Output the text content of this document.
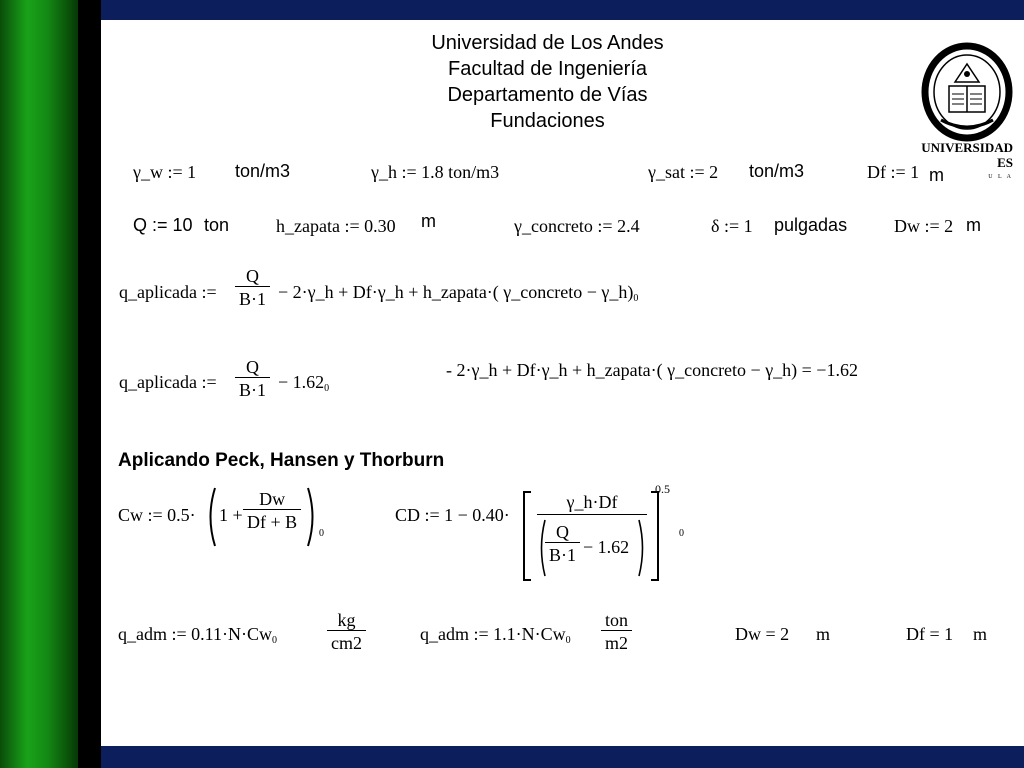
Universidad de Los Andes
Facultad de Ingeniería
Departamento de Vías
Fundaciones
UNIVERSIDAD
ES
U L A
γ_w := 1 ton/m3	γ_h := 1.8 ton/m3	γ_sat := 2 ton/m3	Df := 1 m
Q := 10 ton	h_zapata := 0.30 m	γ_concreto := 2.4	δ := 1 pulgadas	Dw := 2 m
q_aplicada := $\frac{Q}{B\cdot 1}$ − 2·γ_h + Df·γ_h + h_zapata·( γ_concreto − $\gamma\_h)_0$
q_aplicada := $\frac{Q}{B\cdot 1} - 1.62_0$
- 2·γ_h + Df·γ_h + h_zapata·( γ_concreto − γ_h) = −1.62
Aplicando Peck, Hansen y Thorburn
Cw := $0.5\cdot 1 + \frac{Dw}{Df + B}$
$_0$
CD := 1 − 0.40·
γ_h·Df
$\frac{Q}{B\cdot 1} - 1.62$
0.5
$_0$
q_adm := $0.11\cdot N\cdot Cw_0$	$\frac{kg}{cm2}$	q_adm := $1.1\cdot N\cdot Cw_0$
ton
m2	Dw = 2 m	Df = 1 m
